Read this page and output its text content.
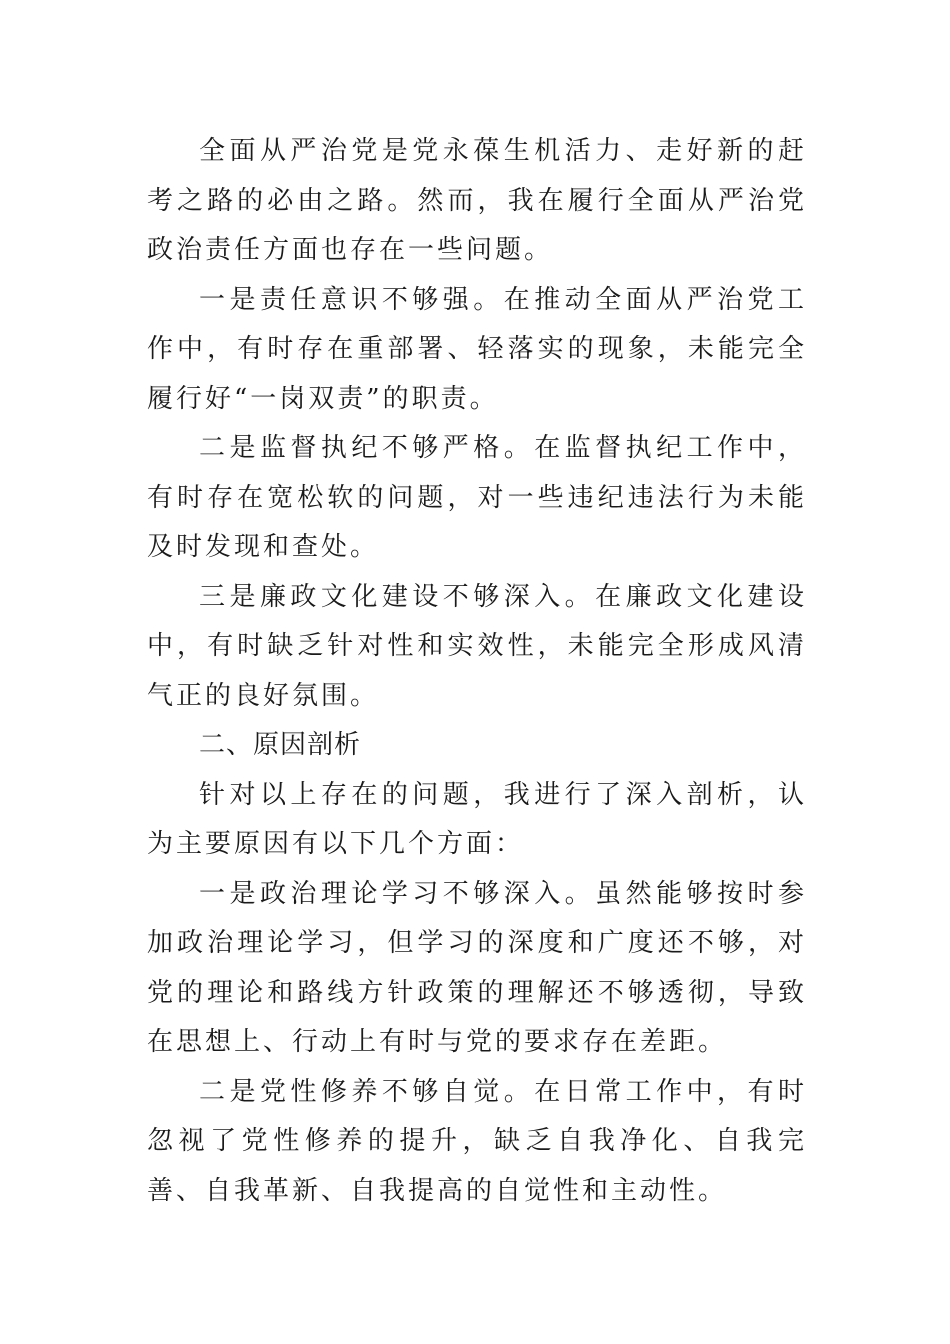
全面从严治党是党永葆生机活力、走好新的赶考之路的必由之路。然而，我在履行全面从严治党政治责任方面也存在一些问题。

一是责任意识不够强。在推动全面从严治党工作中，有时存在重部署、轻落实的现象，未能完全履行好“一岗双责”的职责。

二是监督执纪不够严格。在监督执纪工作中，有时存在宽松软的问题，对一些违纪违法行为未能及时发现和查处。

三是廉政文化建设不够深入。在廉政文化建设中，有时缺乏针对性和实效性，未能完全形成风清气正的良好氛围。

二、原因剖析

针对以上存在的问题，我进行了深入剖析，认为主要原因有以下几个方面：

一是政治理论学习不够深入。虽然能够按时参加政治理论学习，但学习的深度和广度还不够，对党的理论和路线方针政策的理解还不够透彻，导致在思想上、行动上有时与党的要求存在差距。

二是党性修养不够自觉。在日常工作中，有时忽视了党性修养的提升，缺乏自我净化、自我完善、自我革新、自我提高的自觉性和主动性。
